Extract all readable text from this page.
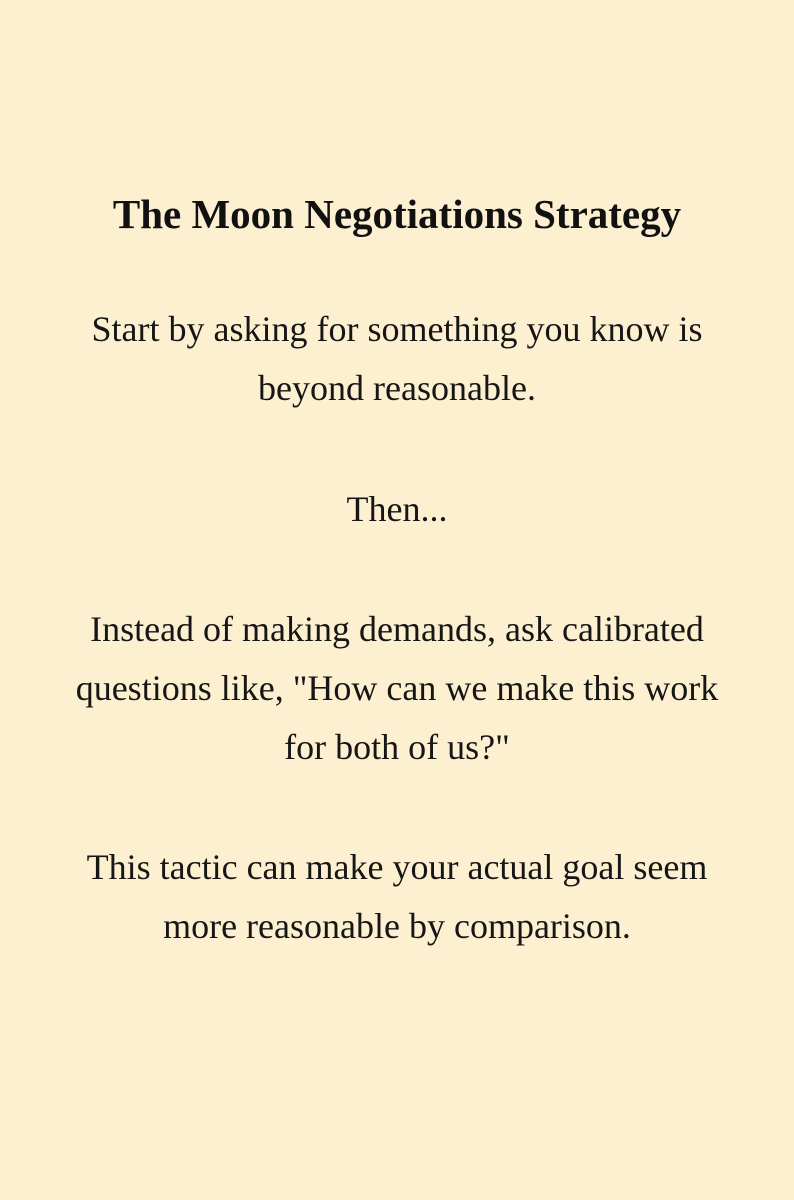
The Moon Negotiations Strategy
Start by asking for something you know is
beyond reasonable.
Then...
Instead of making demands, ask calibrated
questions like, "How can we make this work
for both of us?"
This tactic can make your actual goal seem
more reasonable by comparison.
